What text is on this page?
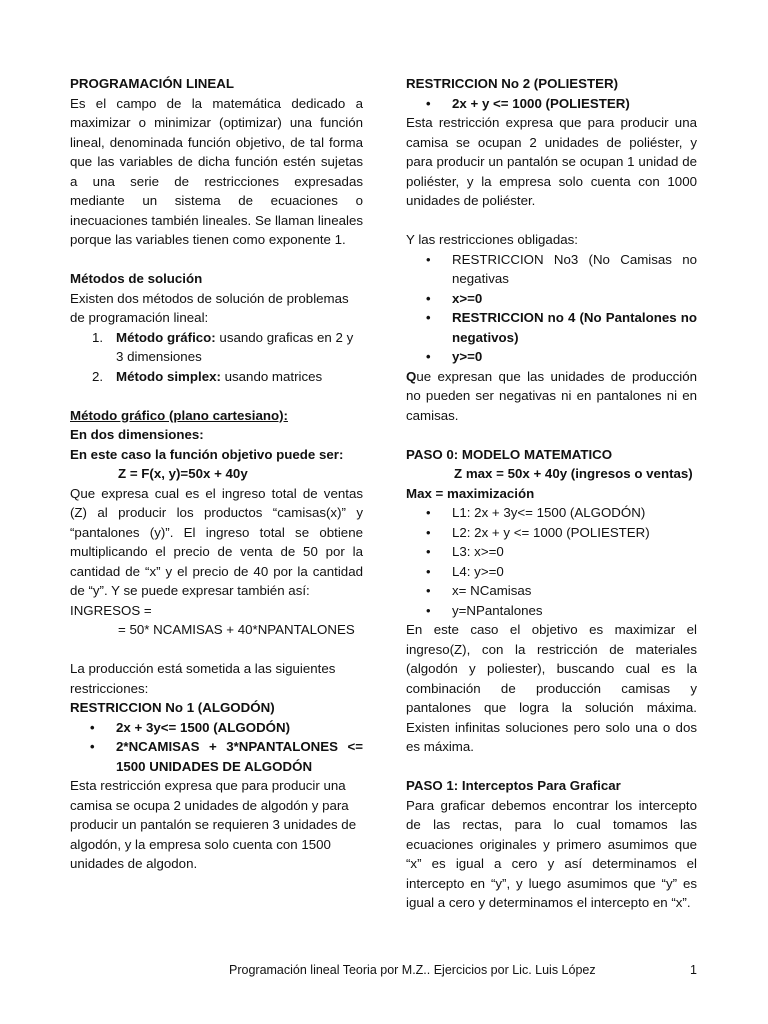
PROGRAMACIÓN LINEAL

Es el campo de la matemática dedicado a maximizar o minimizar (optimizar) una función lineal, denominada función objetivo, de tal forma que las variables de dicha función estén sujetas a una serie de restricciones expresadas mediante un sistema de ecuaciones o inecuaciones también lineales. Se llaman lineales porque las variables tienen como exponente 1.

Métodos de solución

Existen dos métodos de solución de problemas de programación lineal:

1. Método gráfico: usando graficas en 2 y 3 dimensiones
2. Método simplex: usando matrices

Método gráfico (plano cartesiano):

En dos dimensiones:

En este caso la función objetivo puede ser:

Z = F(x, y)=50x + 40y

Que expresa cual es el ingreso total de ventas (Z) al producir los productos “camisas(x)” y “pantalones (y)”. El ingreso total se obtiene multiplicando el precio de venta de 50 por la cantidad de “x” y el precio de 40 por la cantidad de “y”. Y se puede expresar también así:

INGRESOS =

= 50* NCAMISAS + 40*NPANTALONES

La producción está sometida a las siguientes restricciones:

RESTRICCION No 1 (ALGODÓN)

• 2x + 3y<= 1500 (ALGODÓN)
• 2*NCAMISAS + 3*NPANTALONES <= 1500 UNIDADES DE ALGODÓN

Esta restricción expresa que para producir una camisa se ocupa 2 unidades de algodón y para producir un pantalón se requieren 3 unidades de algodón, y la empresa solo cuenta con 1500 unidades de algodon.

RESTRICCION No 2 (POLIESTER)

• 2x + y <= 1000 (POLIESTER)

Esta restricción expresa que para producir una camisa se ocupan 2 unidades de poliéster, y para producir un pantalón se ocupan 1 unidad de poliéster, y la empresa solo cuenta con 1000 unidades de poliéster.

Y las restricciones obligadas:

• RESTRICCION No3 (No Camisas no negativas
• x>=0
• RESTRICCION no 4 (No Pantalones no negativos)
• y>=0

Que expresan que las unidades de producción no pueden ser negativas ni en pantalones ni en camisas.

PASO 0: MODELO MATEMATICO

Z max = 50x + 40y (ingresos o ventas)

Max = maximización

• L1: 2x + 3y<= 1500 (ALGODÓN)
• L2: 2x + y <= 1000 (POLIESTER)
• L3: x>=0
• L4: y>=0
• x= NCamisas
• y=NPantalones

En este caso el objetivo es maximizar el ingreso(Z), con la restricción de materiales (algodón y poliester), buscando cual es la combinación de producción camisas y pantalones que logra la solución máxima. Existen infinitas soluciones pero solo una o dos es máxima.

PASO 1: Interceptos Para Graficar

Para graficar debemos encontrar los intercepto de las rectas, para lo cual tomamos las ecuaciones originales y primero asumimos que “x” es igual a cero y así determinamos el intercepto en “y”, y luego asumimos que “y” es igual a cero y determinamos el intercepto en “x”.

Programación lineal Teoria por M.Z.. Ejercicios por Lic. Luis López	1
